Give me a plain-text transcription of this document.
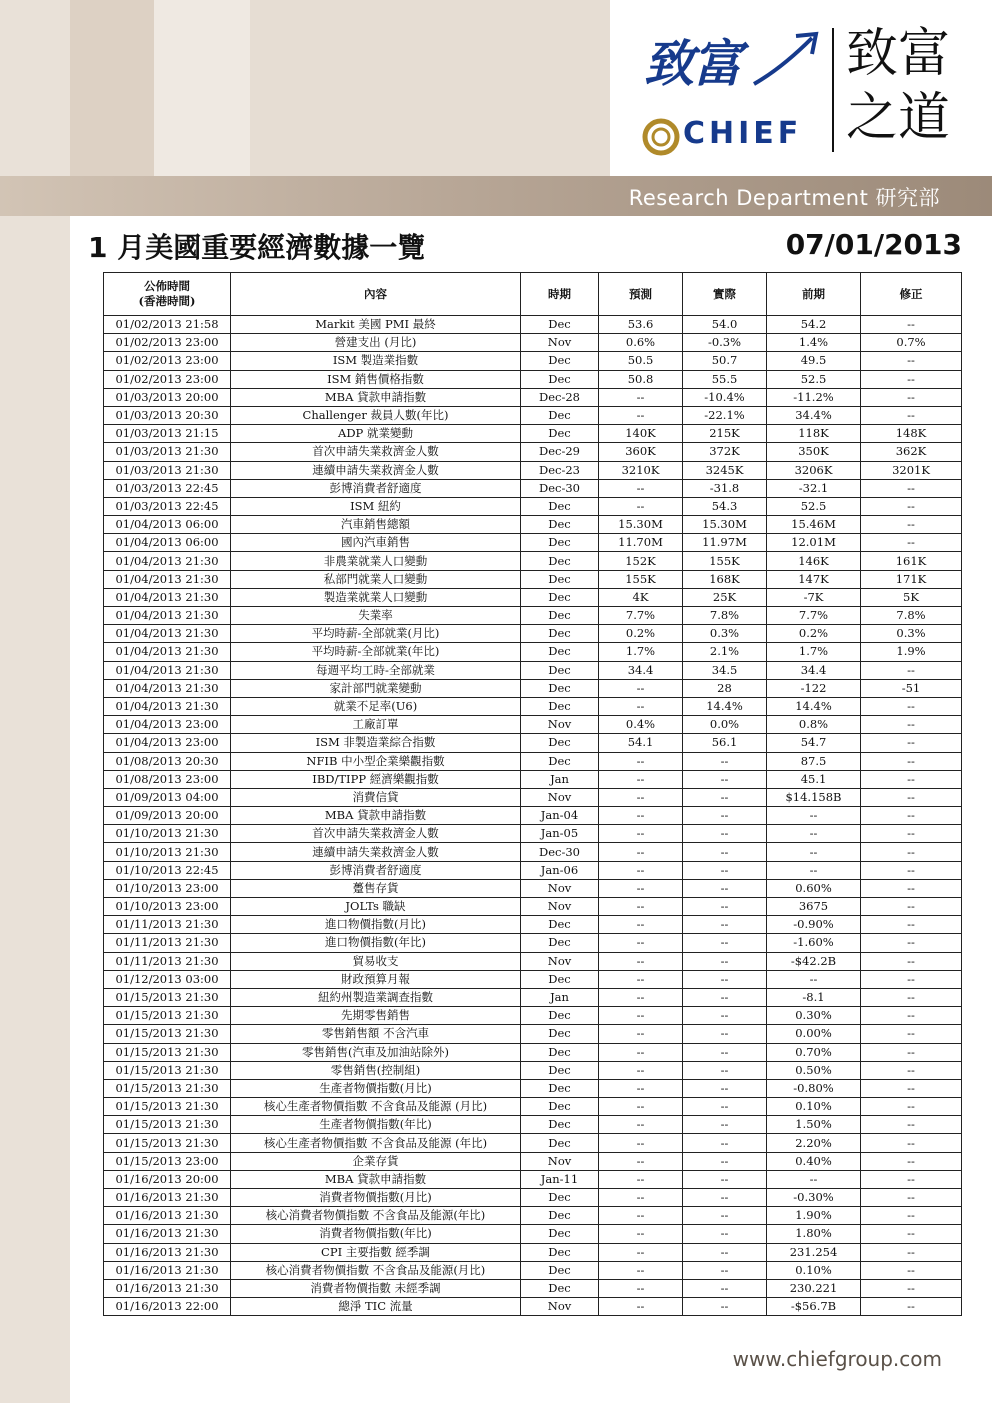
致富
CHIEF
致富
之道
Research Department 研究部
1 月美國重要經濟數據一覽	07/01/2013
公佈時間
(香港時間)	內容	時期	預測	實際	前期	修正
01/02/2013 21:58	Markit 美國 PMI 最終	Dec	53.6	54.0	54.2	--
01/02/2013 23:00	營建支出 (月比)	Nov	0.6%	-0.3%	1.4%	0.7%
01/02/2013 23:00	ISM 製造業指數	Dec	50.5	50.7	49.5	--
01/02/2013 23:00	ISM 銷售價格指數	Dec	50.8	55.5	52.5	--
01/03/2013 20:00	MBA 貸款申請指數	Dec-28	--	-10.4%	-11.2%	--
01/03/2013 20:30	Challenger 裁員人數(年比)	Dec	--	-22.1%	34.4%	--
01/03/2013 21:15	ADP 就業變動	Dec	140K	215K	118K	148K
01/03/2013 21:30	首次申請失業救濟金人數	Dec-29	360K	372K	350K	362K
01/03/2013 21:30	連續申請失業救濟金人數	Dec-23	3210K	3245K	3206K	3201K
01/03/2013 22:45	彭博消費者舒適度	Dec-30	--	-31.8	-32.1	--
01/03/2013 22:45	ISM 紐約	Dec	--	54.3	52.5	--
01/04/2013 06:00	汽車銷售總額	Dec	15.30M	15.30M	15.46M	--
01/04/2013 06:00	國內汽車銷售	Dec	11.70M	11.97M	12.01M	--
01/04/2013 21:30	非農業就業人口變動	Dec	152K	155K	146K	161K
01/04/2013 21:30	私部門就業人口變動	Dec	155K	168K	147K	171K
01/04/2013 21:30	製造業就業人口變動	Dec	4K	25K	-7K	5K
01/04/2013 21:30	失業率	Dec	7.7%	7.8%	7.7%	7.8%
01/04/2013 21:30	平均時薪-全部就業(月比)	Dec	0.2%	0.3%	0.2%	0.3%
01/04/2013 21:30	平均時薪-全部就業(年比)	Dec	1.7%	2.1%	1.7%	1.9%
01/04/2013 21:30	每週平均工時-全部就業	Dec	34.4	34.5	34.4	--
01/04/2013 21:30	家計部門就業變動	Dec	--	28	-122	-51
01/04/2013 21:30	就業不足率(U6)	Dec	--	14.4%	14.4%	--
01/04/2013 23:00	工廠訂單	Nov	0.4%	0.0%	0.8%	--
01/04/2013 23:00	ISM 非製造業綜合指數	Dec	54.1	56.1	54.7	--
01/08/2013 20:30	NFIB 中小型企業樂觀指數	Dec	--	--	87.5	--
01/08/2013 23:00	IBD/TIPP 經濟樂觀指數	Jan	--	--	45.1	--
01/09/2013 04:00	消費信貸	Nov	--	--	$14.158B	--
01/09/2013 20:00	MBA 貸款申請指數	Jan-04	--	--	--	--
01/10/2013 21:30	首次申請失業救濟金人數	Jan-05	--	--	--	--
01/10/2013 21:30	連續申請失業救濟金人數	Dec-30	--	--	--	--
01/10/2013 22:45	彭博消費者舒適度	Jan-06	--	--	--	--
01/10/2013 23:00	躉售存貨	Nov	--	--	0.60%	--
01/10/2013 23:00	JOLTs 職缺	Nov	--	--	3675	--
01/11/2013 21:30	進口物價指數(月比)	Dec	--	--	-0.90%	--
01/11/2013 21:30	進口物價指數(年比)	Dec	--	--	-1.60%	--
01/11/2013 21:30	貿易收支	Nov	--	--	-$42.2B	--
01/12/2013 03:00	財政預算月報	Dec	--	--	--	--
01/15/2013 21:30	紐約州製造業調查指數	Jan	--	--	-8.1	--
01/15/2013 21:30	先期零售銷售	Dec	--	--	0.30%	--
01/15/2013 21:30	零售銷售額 不含汽車	Dec	--	--	0.00%	--
01/15/2013 21:30	零售銷售(汽車及加油站除外)	Dec	--	--	0.70%	--
01/15/2013 21:30	零售銷售(控制組)	Dec	--	--	0.50%	--
01/15/2013 21:30	生產者物價指數(月比)	Dec	--	--	-0.80%	--
01/15/2013 21:30	核心生產者物價指數 不含食品及能源 (月比)	Dec	--	--	0.10%	--
01/15/2013 21:30	生產者物價指數(年比)	Dec	--	--	1.50%	--
01/15/2013 21:30	核心生產者物價指數 不含食品及能源 (年比)	Dec	--	--	2.20%	--
01/15/2013 23:00	企業存貨	Nov	--	--	0.40%	--
01/16/2013 20:00	MBA 貸款申請指數	Jan-11	--	--	--	--
01/16/2013 21:30	消費者物價指數(月比)	Dec	--	--	-0.30%	--
01/16/2013 21:30	核心消費者物價指數 不含食品及能源(年比)	Dec	--	--	1.90%	--
01/16/2013 21:30	消費者物價指數(年比)	Dec	--	--	1.80%	--
01/16/2013 21:30	CPI 主要指數 經季調	Dec	--	--	231.254	--
01/16/2013 21:30	核心消費者物價指數 不含食品及能源(月比)	Dec	--	--	0.10%	--
01/16/2013 21:30	消費者物價指數 未經季調	Dec	--	--	230.221	--
01/16/2013 22:00	總淨 TIC 流量	Nov	--	--	-$56.7B	--
www.chiefgroup.com
